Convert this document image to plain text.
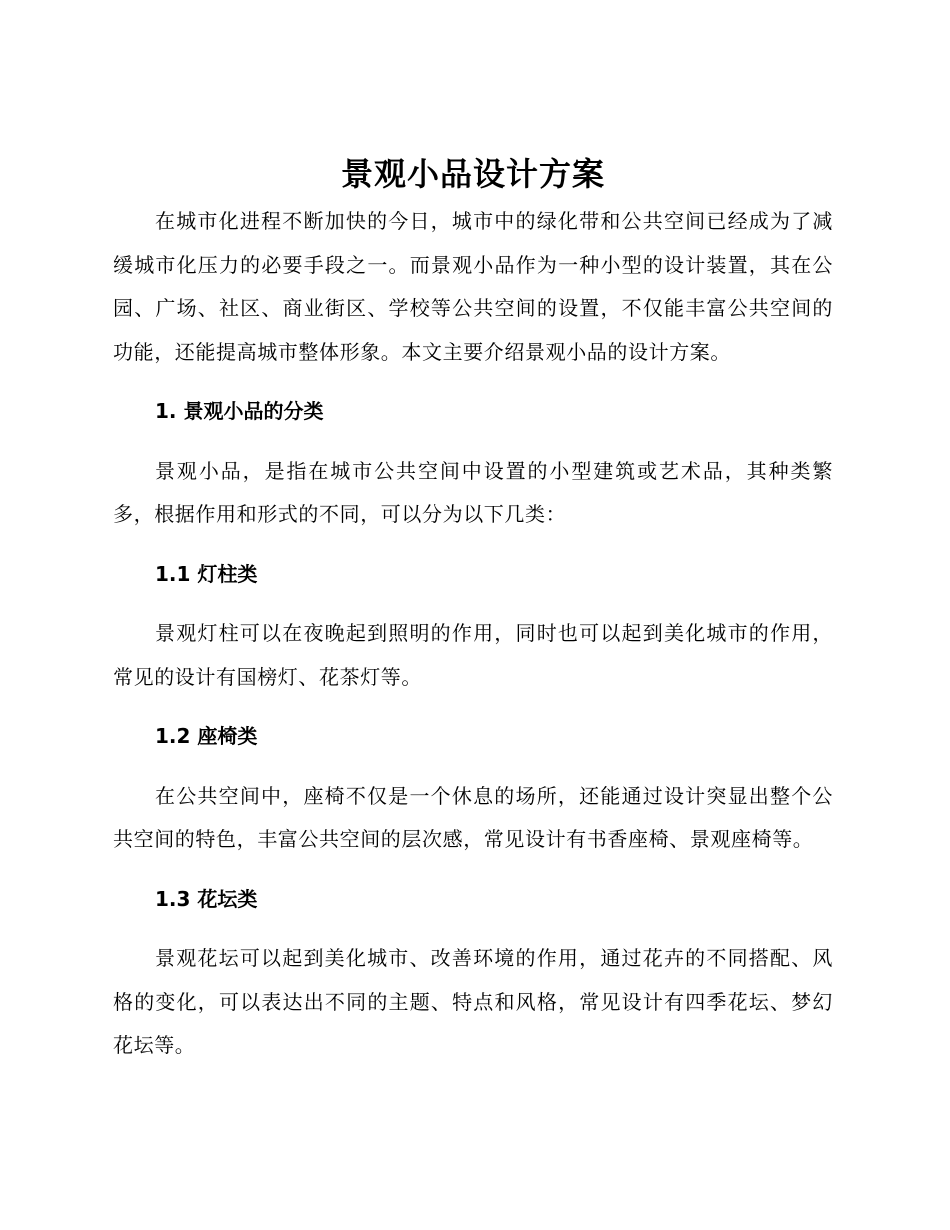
景观小品设计方案

在城市化进程不断加快的今日，城市中的绿化带和公共空间已经成为了减缓城市化压力的必要手段之一。而景观小品作为一种小型的设计装置，其在公园、广场、社区、商业街区、学校等公共空间的设置，不仅能丰富公共空间的功能，还能提高城市整体形象。本文主要介绍景观小品的设计方案。

1. 景观小品的分类

景观小品，是指在城市公共空间中设置的小型建筑或艺术品，其种类繁多，根据作用和形式的不同，可以分为以下几类：

1.1 灯柱类

景观灯柱可以在夜晚起到照明的作用，同时也可以起到美化城市的作用，常见的设计有国榜灯、花茶灯等。

1.2 座椅类

在公共空间中，座椅不仅是一个休息的场所，还能通过设计突显出整个公共空间的特色，丰富公共空间的层次感，常见设计有书香座椅、景观座椅等。

1.3 花坛类

景观花坛可以起到美化城市、改善环境的作用，通过花卉的不同搭配、风格的变化，可以表达出不同的主题、特点和风格，常见设计有四季花坛、梦幻花坛等。
